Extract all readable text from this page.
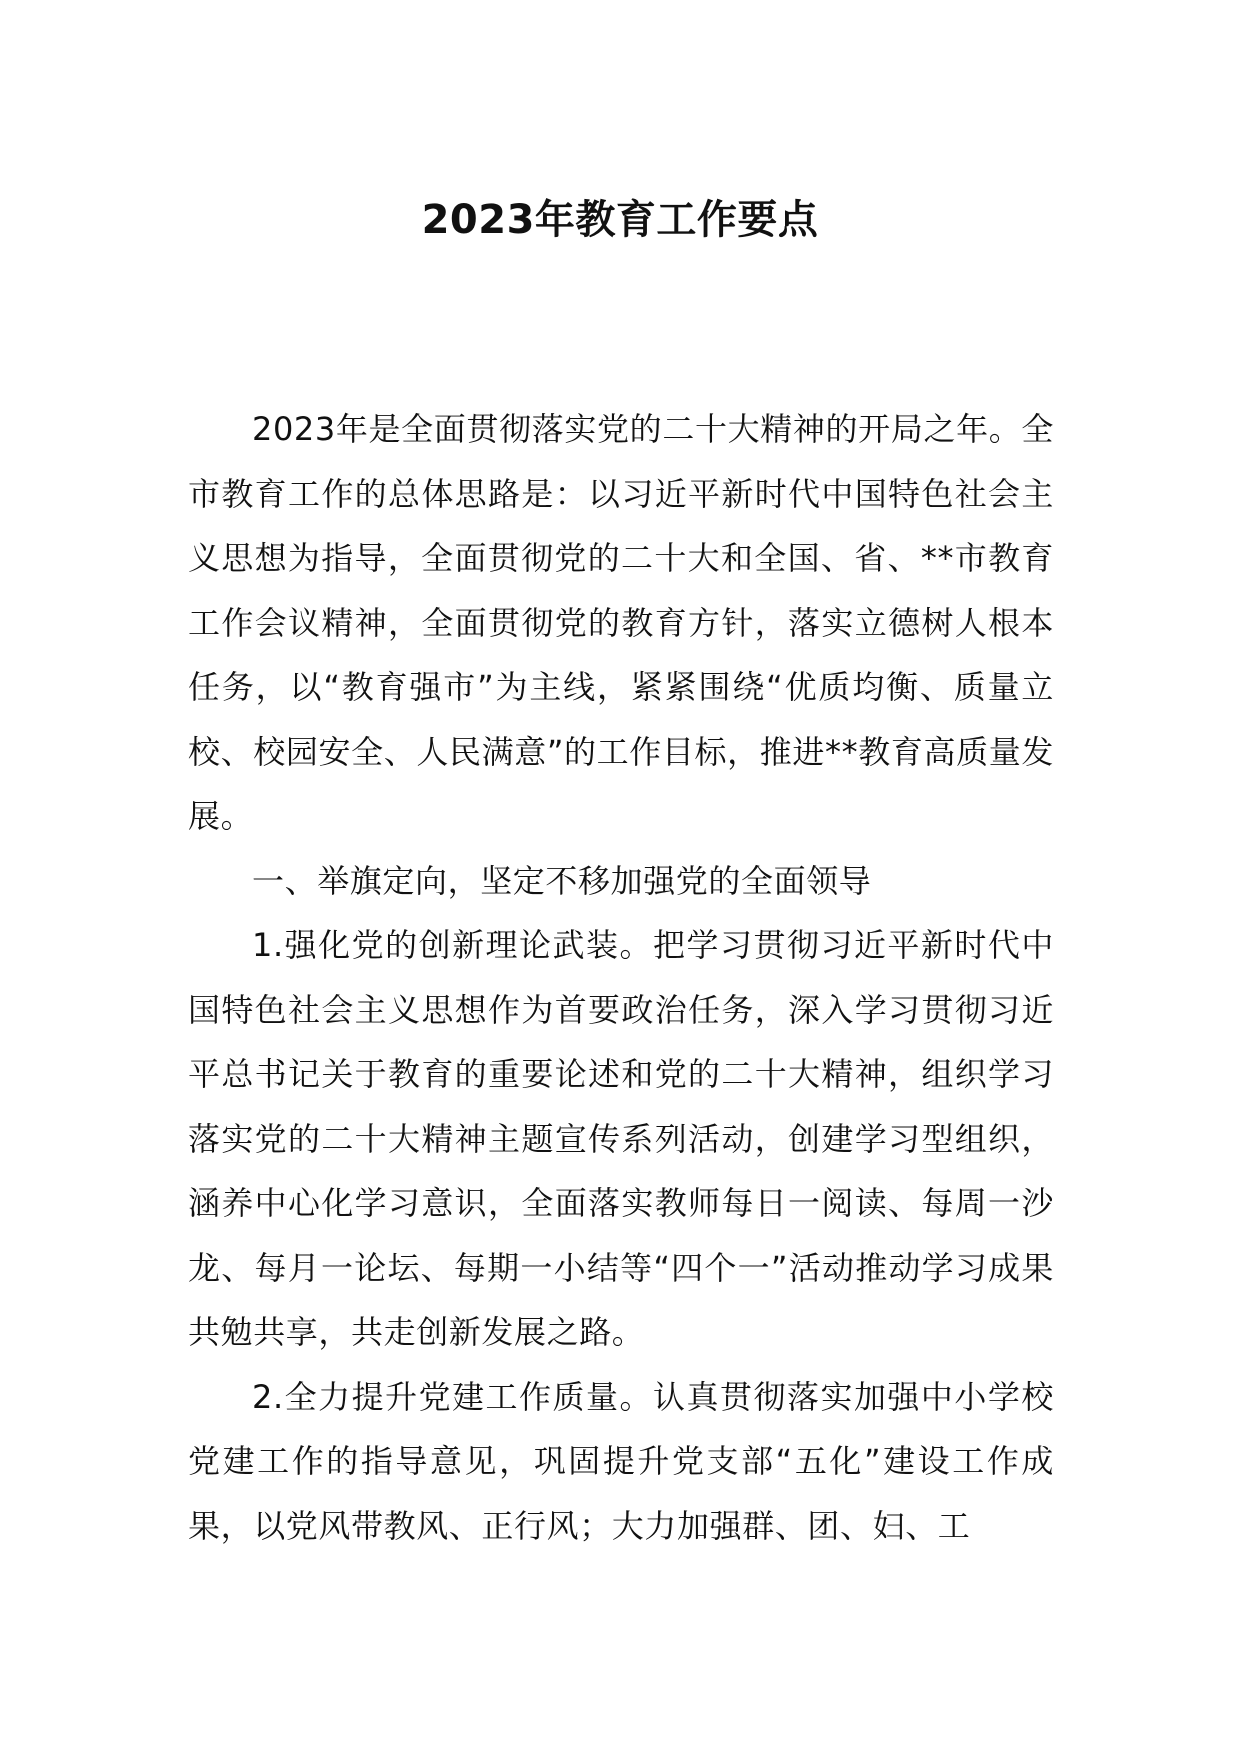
2023年教育工作要点

2023年是全面贯彻落实党的二十大精神的开局之年。全市教育工作的总体思路是：以习近平新时代中国特色社会主义思想为指导，全面贯彻党的二十大和全国、省、**市教育工作会议精神，全面贯彻党的教育方针，落实立德树人根本任务，以“教育强市”为主线，紧紧围绕“优质均衡、质量立校、校园安全、人民满意”的工作目标，推进**教育高质量发展。

一、举旗定向，坚定不移加强党的全面领导

1.强化党的创新理论武装。把学习贯彻习近平新时代中国特色社会主义思想作为首要政治任务，深入学习贯彻习近平总书记关于教育的重要论述和党的二十大精神，组织学习落实党的二十大精神主题宣传系列活动，创建学习型组织，涵养中心化学习意识，全面落实教师每日一阅读、每周一沙龙、每月一论坛、每期一小结等“四个一”活动推动学习成果共勉共享，共走创新发展之路。

2.全力提升党建工作质量。认真贯彻落实加强中小学校党建工作的指导意见，巩固提升党支部“五化”建设工作成果，以党风带教风、正行风；大力加强群、团、妇、工
